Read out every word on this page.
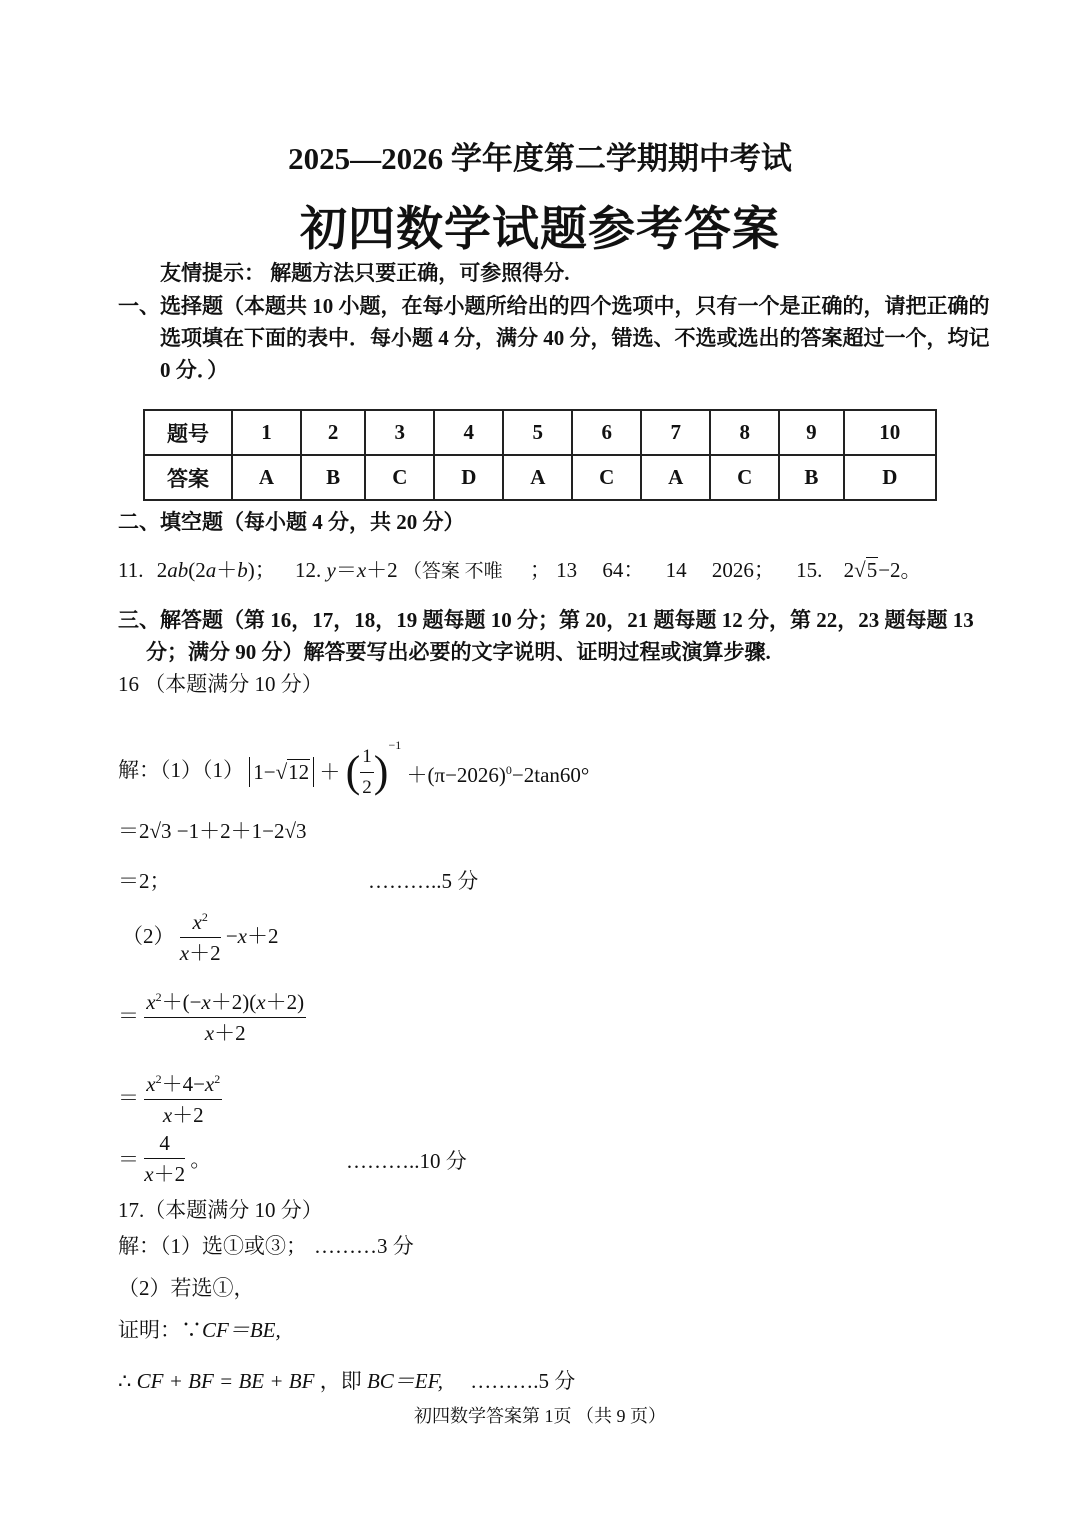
2025—2026 学年度第二学期期中考试
初四数学试题参考答案
友情提示： 解题方法只要正确，可参照得分.
一、选择题（本题共 10 小题，在每小题所给出的四个选项中，只有一个是正确的，请把正确的
选项填在下面的表中．每小题 4 分，满分 40 分，错选、不选或选出的答案超过一个，均记
0 分．）
题号	1	2	3	4	5	6	7	8	9	10
答案	A	B	C	D	A	C	A	C	B	D
二、填空题（每小题 4 分，共 20 分）
11. 2ab(2a＋b)； 12. y＝x＋2 （答案 不唯 ； 13 64： 14 2026； 15. 2√5−2。
三、解答题（第 16，17，18，19 题每题 10 分；第 20，21 题每题 12 分，第 22，23 题每题 13
分；满分 90 分）解答要写出必要的文字说明、证明过程或演算步骤.
16 （本题满分 10 分）
解：（1）（1） 1−√12 ＋ ( $\frac{1}{2} )^{-1} +(\pi-2026)^0-2\tan 60^\circ$
＝2√3 −1＋2＋1−2√3
＝2；	………..5 分
$(2) \frac{x^2}{x+2} -x+2$
＝ $\frac{x^2+(-x+2)(x+2)}{x+2}$
＝ $\frac{x^2+4-x^2}{x+2}$
＝ $\frac{4}{x+2}$ 。	………..10 分
17.（本题满分 10 分）
解：（1）选①或③； ………3 分
（2）若选①，
证明：∵CF＝BE,
∴ CF + BF = BE + BF ，即 BC＝EF, ……….5 分
初四数学答案第 1页 （共 9 页）
